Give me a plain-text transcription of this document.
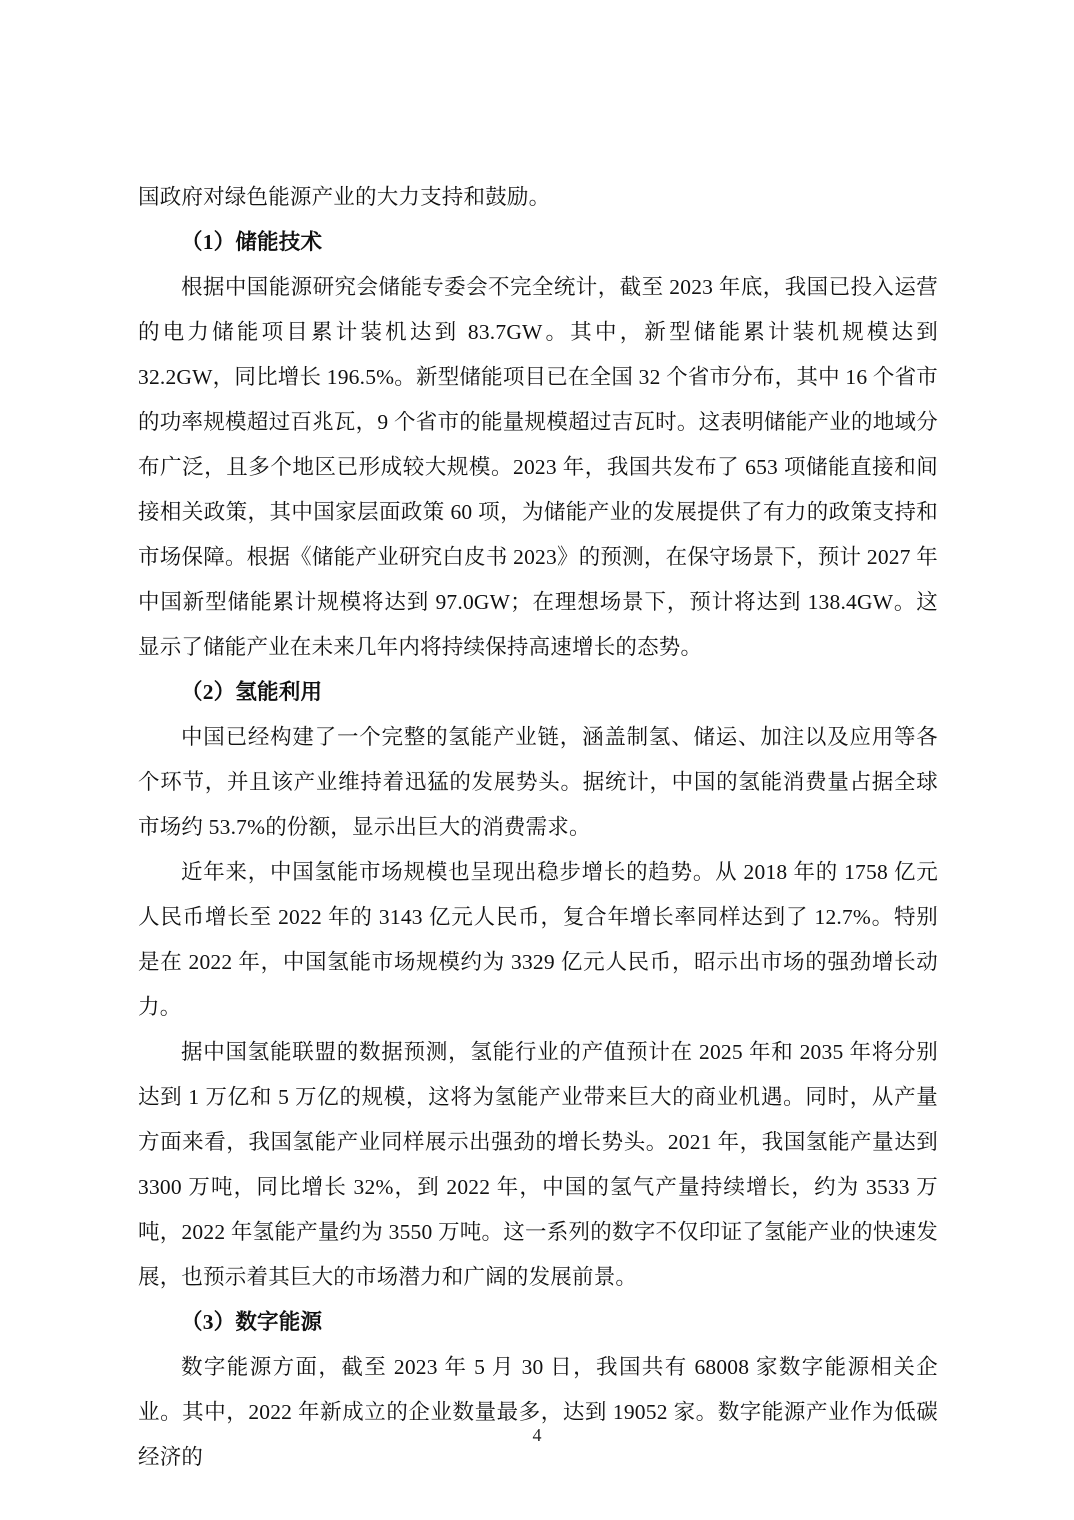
国政府对绿色能源产业的大力支持和鼓励。

（1）储能技术

根据中国能源研究会储能专委会不完全统计，截至 2023 年底，我国已投入运营的电力储能项目累计装机达到 83.7GW。其中，新型储能累计装机规模达到 32.2GW，同比增长 196.5%。新型储能项目已在全国 32 个省市分布，其中 16 个省市的功率规模超过百兆瓦，9 个省市的能量规模超过吉瓦时。这表明储能产业的地域分布广泛，且多个地区已形成较大规模。2023 年，我国共发布了 653 项储能直接和间接相关政策，其中国家层面政策 60 项，为储能产业的发展提供了有力的政策支持和市场保障。根据《储能产业研究白皮书 2023》的预测，在保守场景下，预计 2027 年中国新型储能累计规模将达到 97.0GW；在理想场景下，预计将达到 138.4GW。这显示了储能产业在未来几年内将持续保持高速增长的态势。

（2）氢能利用

中国已经构建了一个完整的氢能产业链，涵盖制氢、储运、加注以及应用等各个环节，并且该产业维持着迅猛的发展势头。据统计，中国的氢能消费量占据全球市场约 53.7%的份额，显示出巨大的消费需求。

近年来，中国氢能市场规模也呈现出稳步增长的趋势。从 2018 年的 1758 亿元人民币增长至 2022 年的 3143 亿元人民币，复合年增长率同样达到了 12.7%。特别是在 2022 年，中国氢能市场规模约为 3329 亿元人民币，昭示出市场的强劲增长动力。

据中国氢能联盟的数据预测，氢能行业的产值预计在 2025 年和 2035 年将分别达到 1 万亿和 5 万亿的规模，这将为氢能产业带来巨大的商业机遇。同时，从产量方面来看，我国氢能产业同样展示出强劲的增长势头。2021 年，我国氢能产量达到 3300 万吨，同比增长 32%，到 2022 年，中国的氢气产量持续增长，约为 3533 万吨，2022 年氢能产量约为 3550 万吨。这一系列的数字不仅印证了氢能产业的快速发展，也预示着其巨大的市场潜力和广阔的发展前景。

（3）数字能源

数字能源方面，截至 2023 年 5 月 30 日，我国共有 68008 家数字能源相关企业。其中，2022 年新成立的企业数量最多，达到 19052 家。数字能源产业作为低碳经济的

4
